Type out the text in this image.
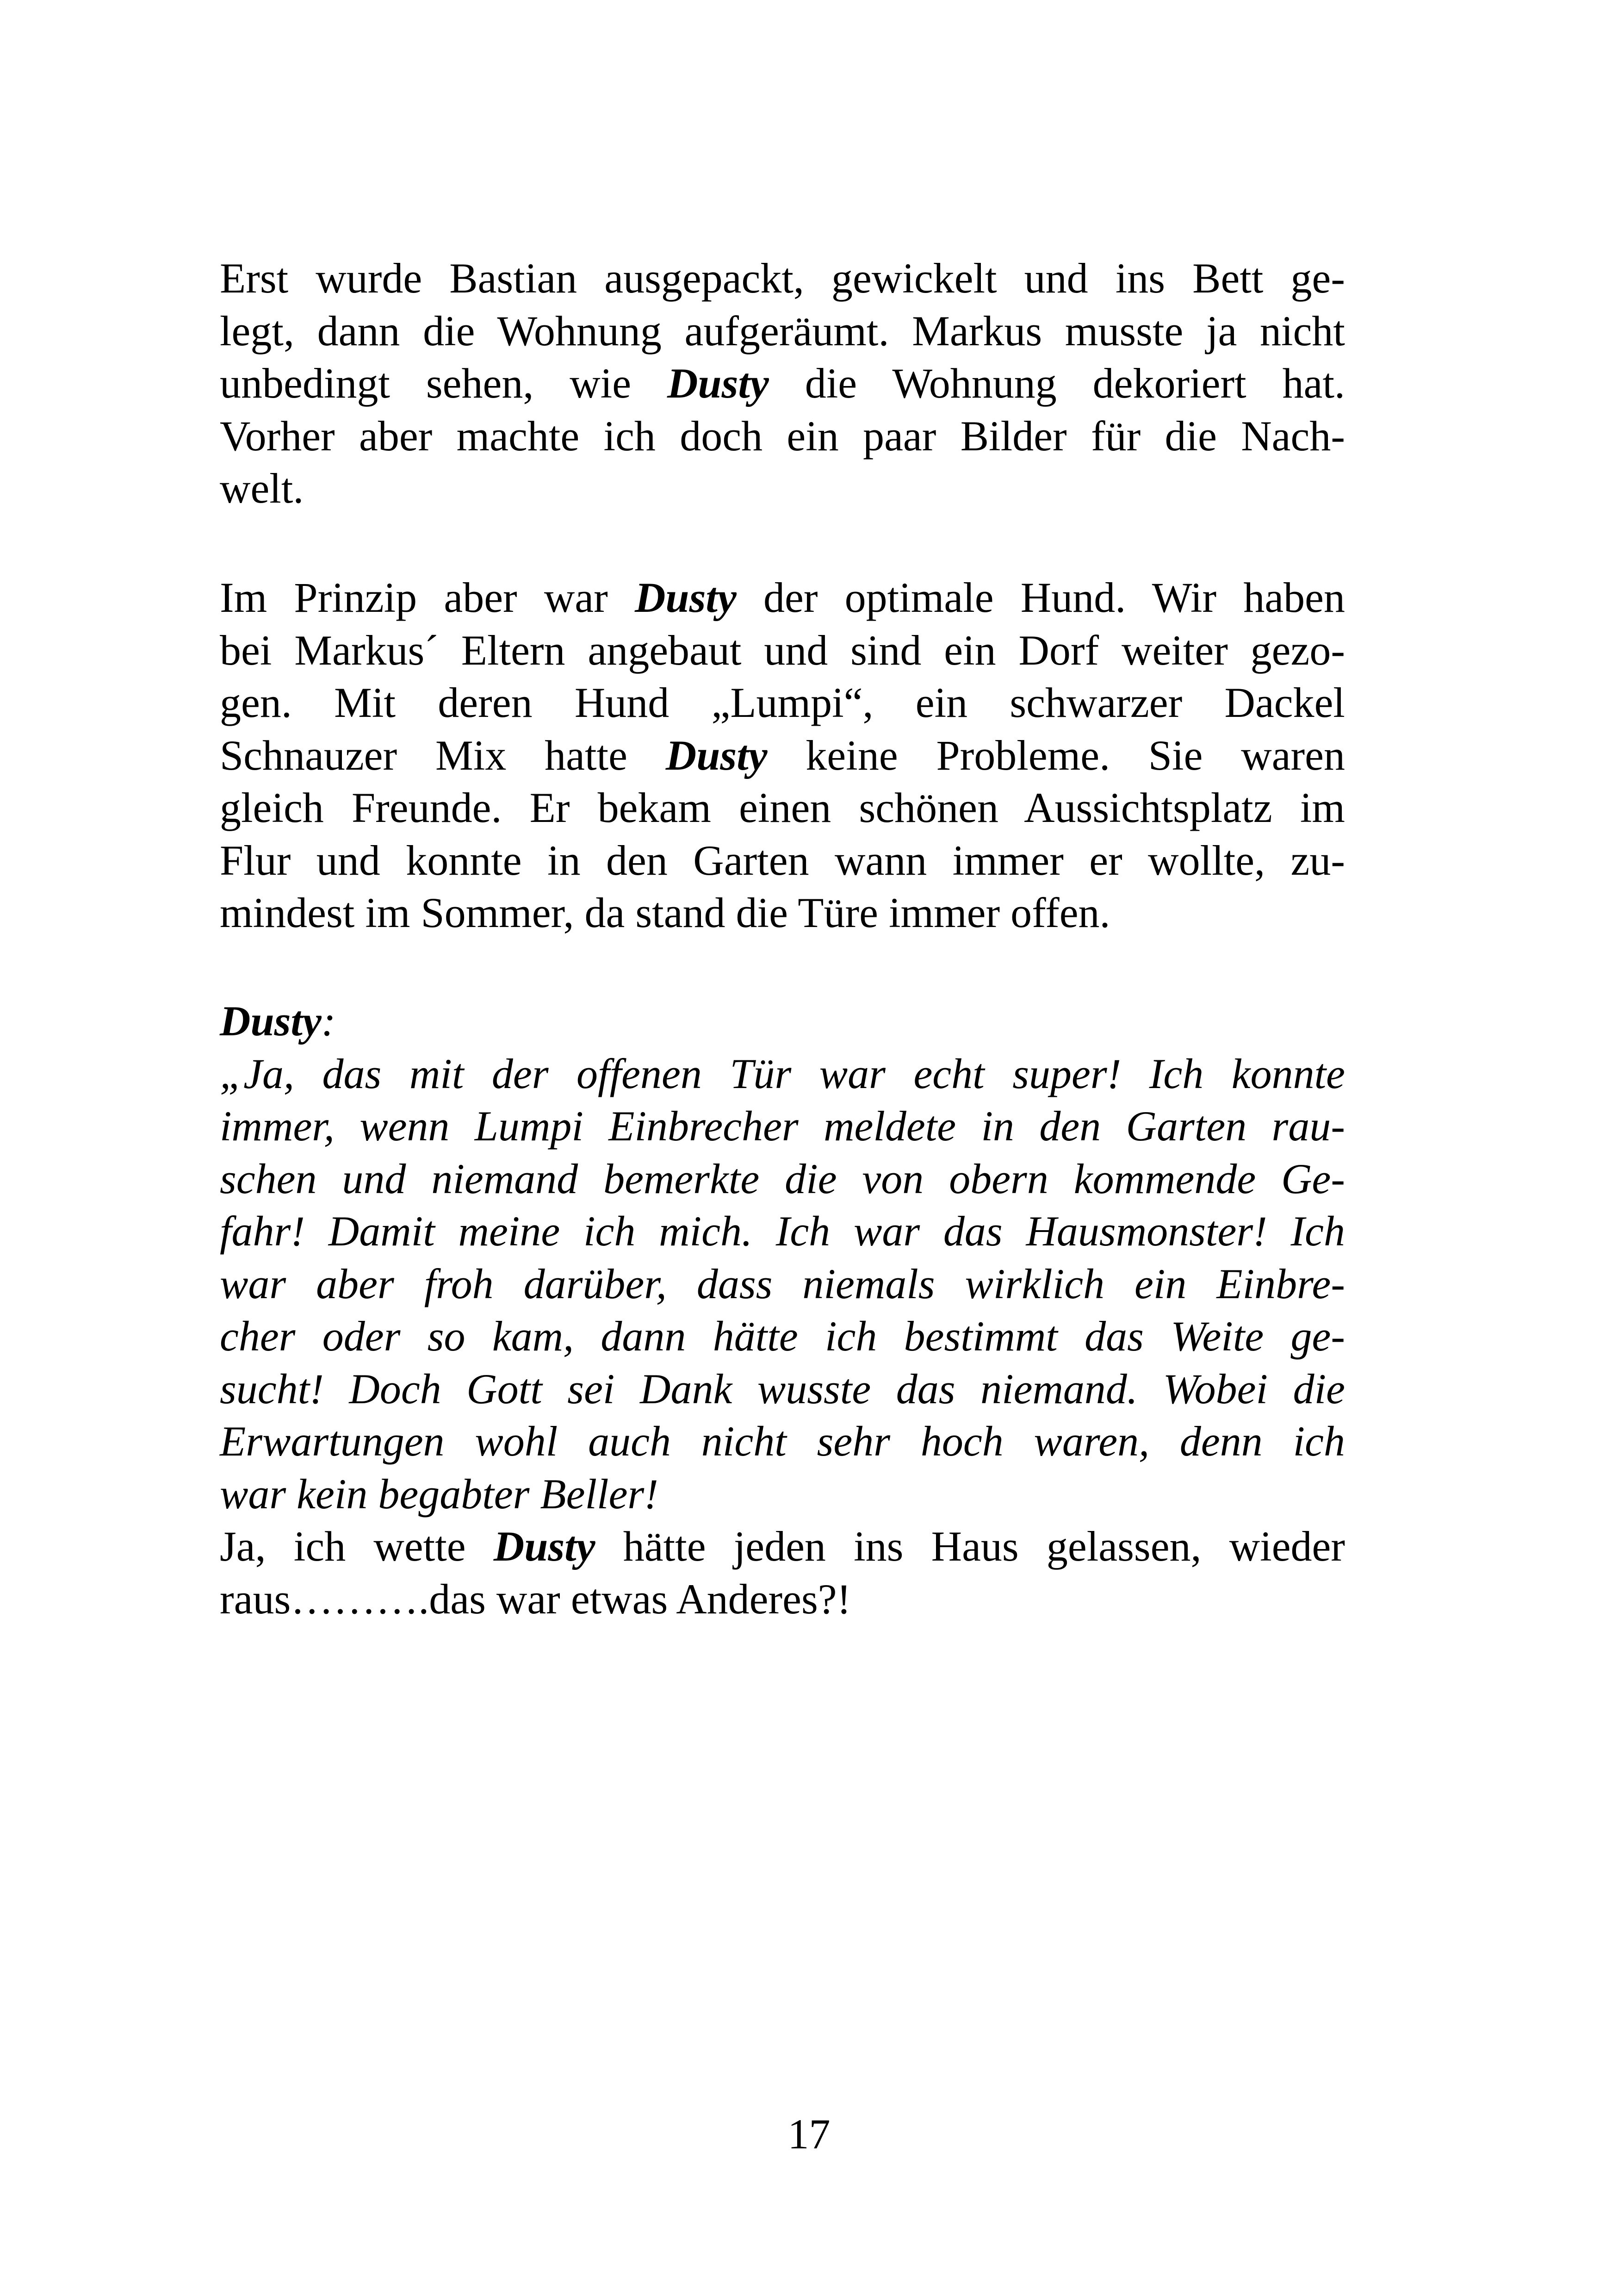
Erst wurde Bastian ausgepackt, gewickelt und ins Bett ge-
legt, dann die Wohnung aufgeräumt. Markus musste ja nicht
unbedingt sehen, wie Dusty die Wohnung dekoriert hat.
Vorher aber machte ich doch ein paar Bilder für die Nach-
welt.
Im Prinzip aber war Dusty der optimale Hund. Wir haben
bei Markus´ Eltern angebaut und sind ein Dorf weiter gezo-
gen. Mit deren Hund „Lumpi“, ein schwarzer Dackel
Schnauzer Mix hatte Dusty keine Probleme. Sie waren
gleich Freunde. Er bekam einen schönen Aussichtsplatz im
Flur und konnte in den Garten wann immer er wollte, zu-
mindest im Sommer, da stand die Türe immer offen.
Dusty:
„Ja, das mit der offenen Tür war echt super! Ich konnte
immer, wenn Lumpi Einbrecher meldete in den Garten rau-
schen und niemand bemerkte die von obern kommende Ge-
fahr! Damit meine ich mich. Ich war das Hausmonster! Ich
war aber froh darüber, dass niemals wirklich ein Einbre-
cher oder so kam, dann hätte ich bestimmt das Weite ge-
sucht! Doch Gott sei Dank wusste das niemand. Wobei die
Erwartungen wohl auch nicht sehr hoch waren, denn ich
war kein begabter Beller!
Ja, ich wette Dusty hätte jeden ins Haus gelassen, wieder
raus……….das war etwas Anderes?!
17
